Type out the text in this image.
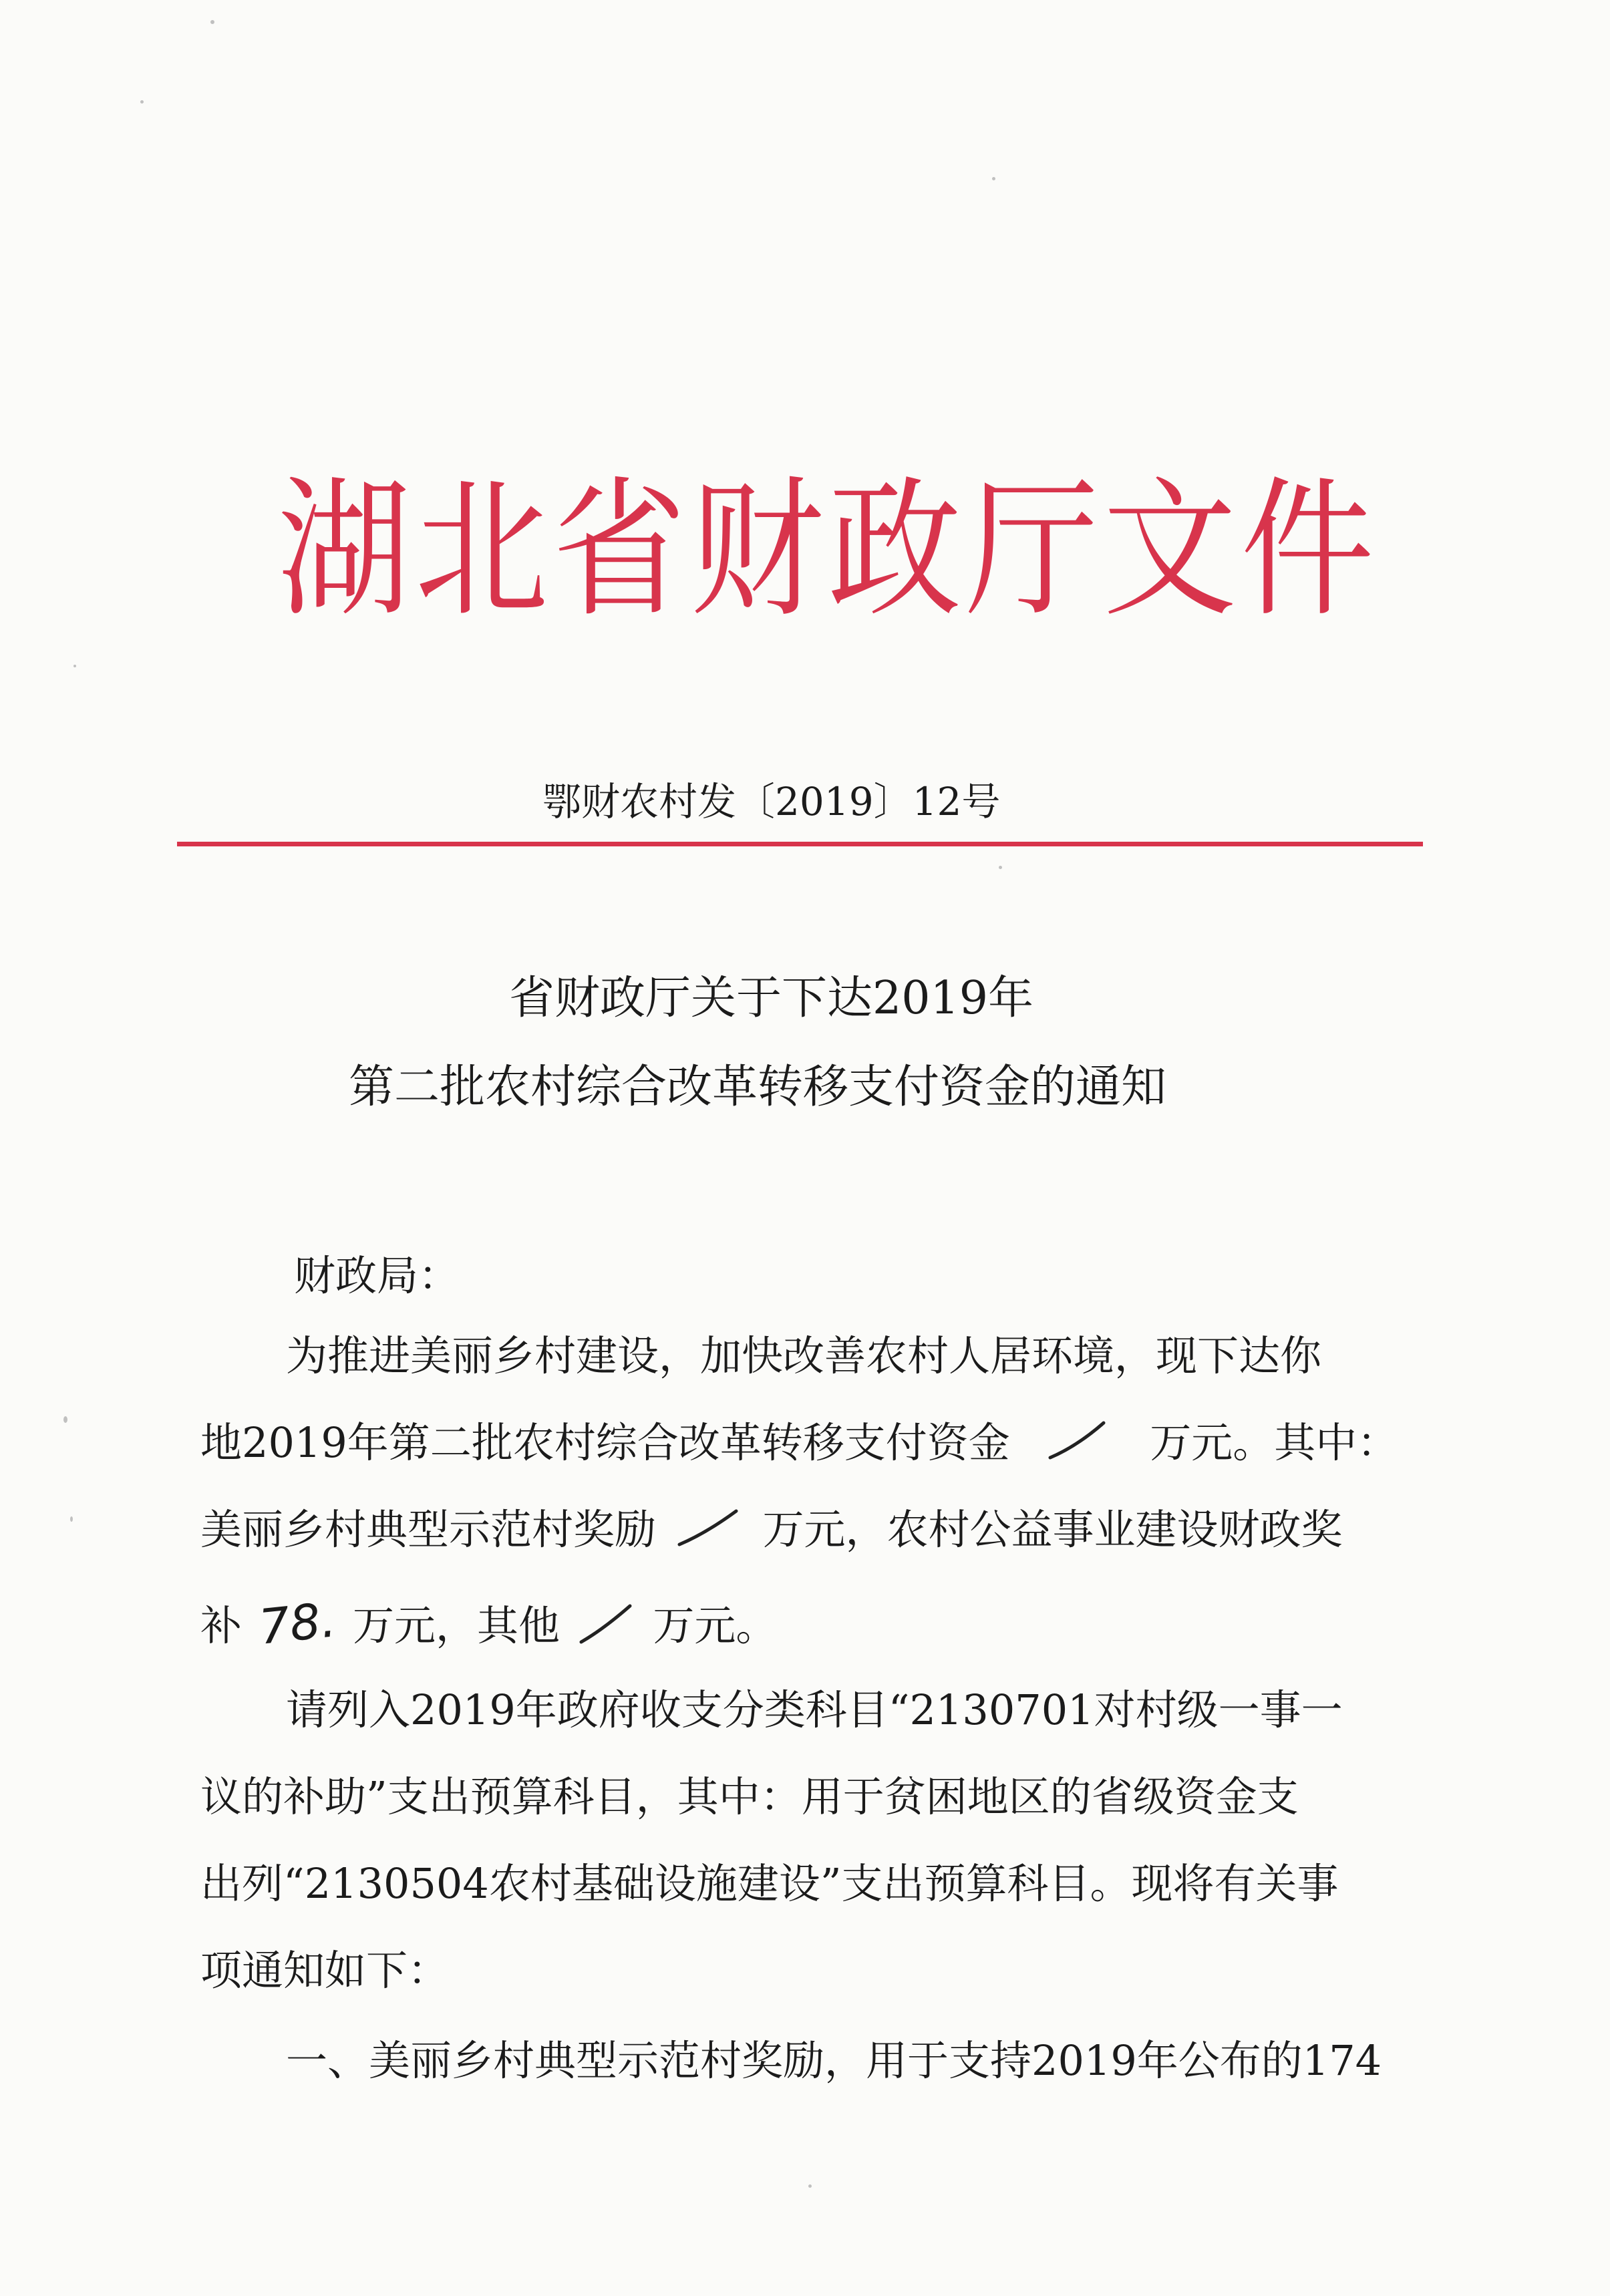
湖北省财政厅文件
鄂财农村发〔2019〕12号
省财政厅关于下达2019年
第二批农村综合改革转移支付资金的通知
财政局：
为推进美丽乡村建设，加快改善农村人居环境，现下达你
地2019年第二批农村综合改革转移支付资金	万元。其中：
美丽乡村典型示范村奖励	万元，农村公益事业建设财政奖
补 78. 万元，其他 万元。
请列入2019年政府收支分类科目“2130701对村级一事一
议的补助”支出预算科目，其中：用于贫困地区的省级资金支
出列“2130504农村基础设施建设”支出预算科目。现将有关事
项通知如下：
一、美丽乡村典型示范村奖励，用于支持2019年公布的174
